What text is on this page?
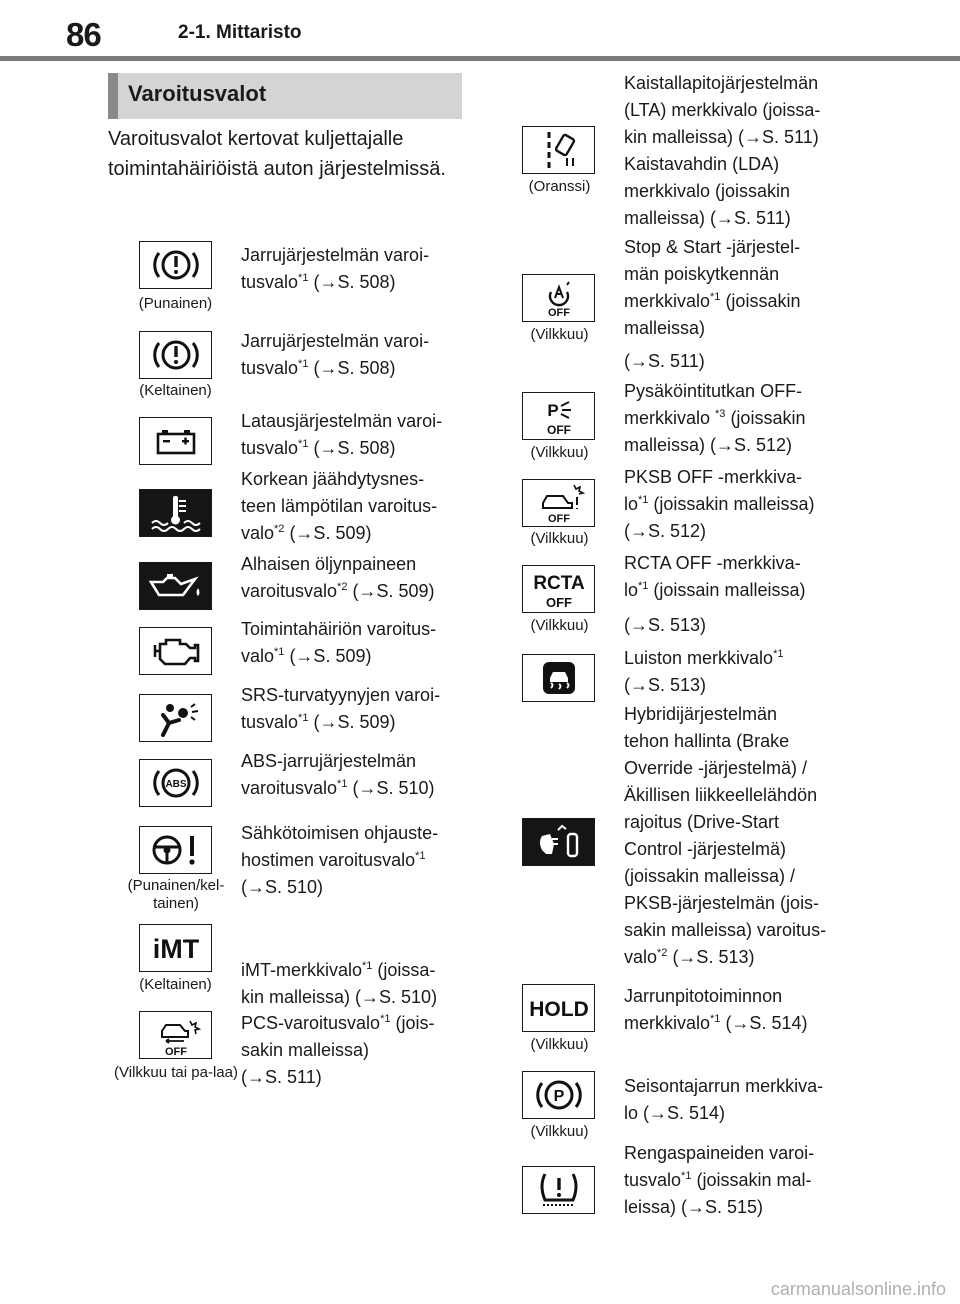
86	2-1. Mittaristo
Varoitusvalot
Varoitusvalot kertovat kuljettajalle toimintahäiriöistä auton järjestelmissä.
(Punainen)
Jarrujärjestelmän varoi-
tusvalo$^{*1}$ (→S. 508)
(Keltainen)
Jarrujärjestelmän varoi-
tusvalo$^{*1}$ (→S. 508)
Latausjärjestelmän varoi-
tusvalo$^{*1}$ (→S. 508)
Korkean jäähdytysnes-
teen lämpötilan varoitus-
valo$^{*2}$ (→S. 509)
Alhaisen öljynpaineen
varoitusvalo$^{*2}$ (→S. 509)
Toimintahäiriön varoitus-
valo$^{*1}$ (→S. 509)
SRS-turvatyynyjen varoi-
tusvalo$^{*1}$ (→S. 509)
ABS
ABS-jarrujärjestelmän
varoitusvalo$^{*1}$ (→S. 510)
(Punainen/kel-tainen)
Sähkötoimisen ohjauste-
hostimen varoitusvalo$^{*1}$
(→S. 510)
iMT
(Keltainen)
iMT-merkkivalo$^{*1}$ (joissa-
kin malleissa) (→S. 510)
OFF
(Vilkkuu tai pa-laa)
PCS-varoitusvalo$^{*1}$ (jois-
sakin malleissa)
(→S. 511)
(Oranssi)
Kaistallapitojärjestelmän
(LTA) merkkivalo (joissa-
kin malleissa) (→S. 511)
Kaistavahdin (LDA)
merkkivalo (joissakin
malleissa) (→S. 511)
OFF
(Vilkkuu)
Stop & Start -järjestel-
män poiskytkennän
merkkivalo$^{*1}$ (joissakin
malleissa)
(→S. 511)
P
OFF
(Vilkkuu)
Pysäköintitutkan OFF-
merkkivalo $^{*3}$ (joissakin
malleissa) (→S. 512)
OFF
(Vilkkuu)
PKSB OFF -merkkiva-
$lo^{*1}$ (joissakin malleissa)
(→S. 512)
RCTA
OFF
(Vilkkuu)
RCTA OFF -merkkiva-
$lo^{*1}$ (joissain malleissa)
(→S. 513)
Luiston merkkivalo$^{*1}$
(→S. 513)
Hybridijärjestelmän
tehon hallinta (Brake
Override -järjestelmä) /
Äkillisen liikkeellelähdön
rajoitus (Drive-Start
Control -järjestelmä)
(joissakin malleissa) /
PKSB-järjestelmän (jois-
sakin malleissa) varoitus-
valo$^{*2}$ (→S. 513)
HOLD
(Vilkkuu)
Jarrunpitotoiminnon
merkkivalo$^{*1}$ (→S. 514)
P
(Vilkkuu)
Seisontajarrun merkkiva-
lo (→S. 514)
Rengaspaineiden varoi-
tusvalo$^{*1}$ (joissakin mal-
leissa) (→S. 515)
carmanualsonline.info
